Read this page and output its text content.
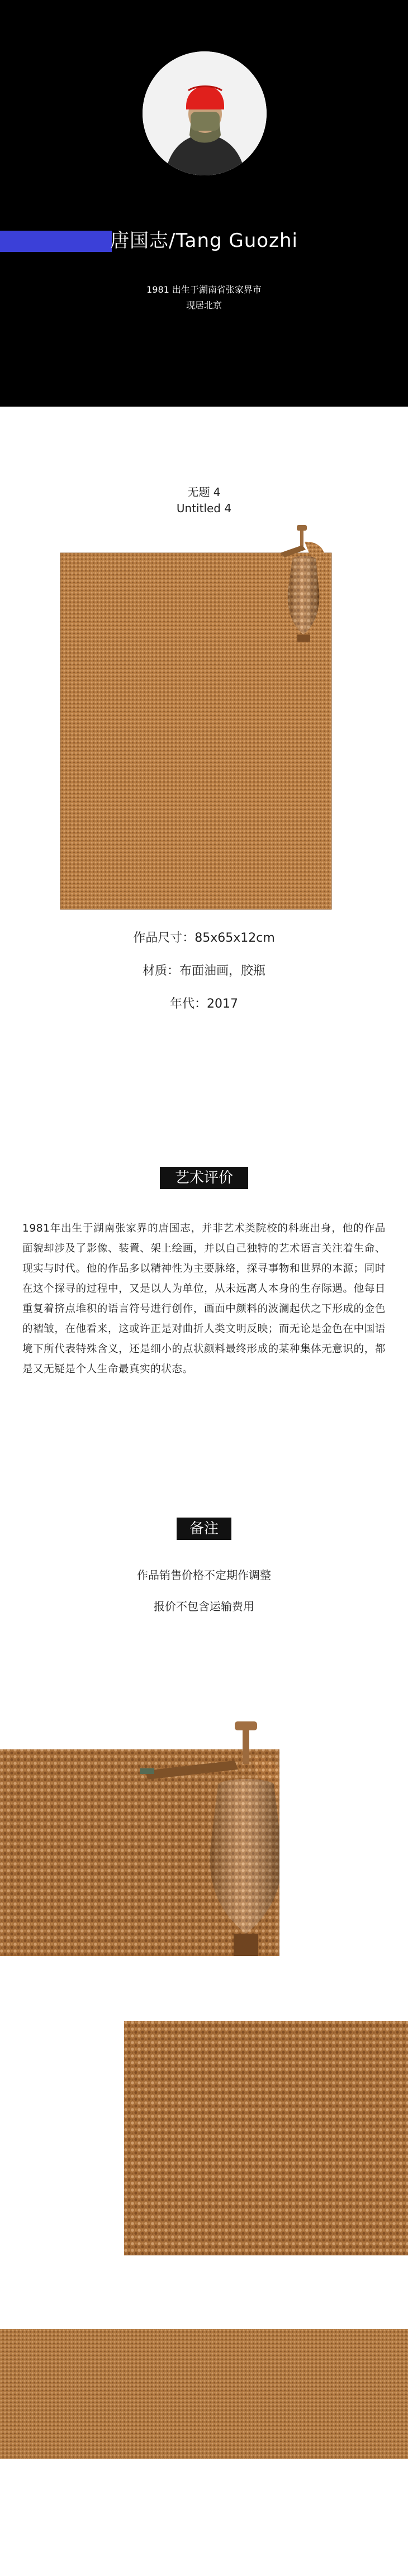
唐国志/Tang Guozhi
1981 出生于湖南省张家界市
现居北京
无题 4
Untitled 4
作品尺寸：85x65x12cm
材质：布面油画，胶瓶
年代：2017
艺术评价
1981年出生于湖南张家界的唐国志，并非艺术类院校的科班出身，他的作品面貌却涉及了影像、装置、架上绘画，并以自己独特的艺术语言关注着生命、现实与时代。他的作品多以精神性为主要脉络，探寻事物和世界的本源；同时在这个探寻的过程中，又是以人为单位，从未远离人本身的生存际遇。他每日重复着挤点堆积的语言符号进行创作，画面中颜料的波澜起伏之下形成的金色的褶皱，在他看来，这或许正是对曲折人类文明反映；而无论是金色在中国语境下所代表特殊含义，还是细小的点状颜料最终形成的某种集体无意识的，都是又无疑是个人生命最真实的状态。
备注
作品销售价格不定期作调整
报价不包含运输费用
